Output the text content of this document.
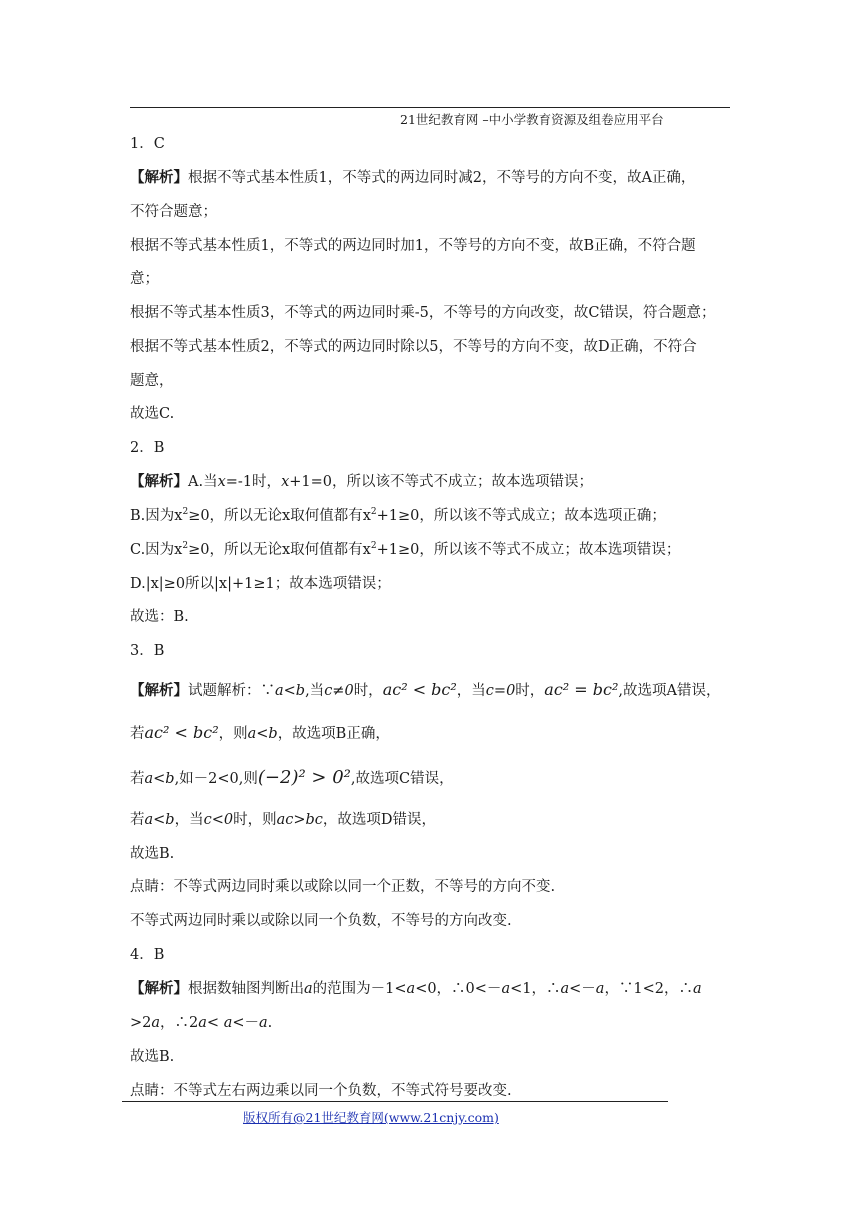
21世纪教育网 –中小学教育资源及组卷应用平台
1．C
【解析】根据不等式基本性质1，不等式的两边同时减2，不等号的方向不变，故A正确，
不符合题意；
根据不等式基本性质1，不等式的两边同时加1，不等号的方向不变，故B正确，不符合题
意；
根据不等式基本性质3，不等式的两边同时乘-5，不等号的方向改变，故C错误，符合题意；
根据不等式基本性质2，不等式的两边同时除以5，不等号的方向不变，故D正确，不符合
题意，
故选C.
2．B
【解析】A.当x=-1时，x+1=0，所以该不等式不成立；故本选项错误；
B.因为$x^2\ge 0$，所以无论x取何值都有$x^2+1\ge 0$，所以该不等式成立；故本选项正确；
C.因为$x^2\ge 0$，所以无论x取何值都有$x^2+1\ge 0$，所以该不等式不成立；故本选项错误；
D.|x|≥0所以|x|+1≥1；故本选项错误；
故选：B.
3．B
【解析】试题解析：∵a<b,当c≠0时，ac² < bc²，当c=0时，ac² = bc²,故选项A错误，
若ac² < bc²，则a<b，故选项B正确，
若a<b,如－2<0,则(−2)² > 0²,故选项C错误，
若a<b，当c<0时，则ac>bc，故选项D错误，
故选B.
点睛：不等式两边同时乘以或除以同一个正数，不等号的方向不变.
不等式两边同时乘以或除以同一个负数，不等号的方向改变.
4．B
【解析】根据数轴图判断出a的范围为－1<a<0，∴0<－a<1，∴a<－a，∵1<2，∴a
>2a，∴2a< a<－a.
故选B.
点睛：不等式左右两边乘以同一个负数，不等式符号要改变.
版权所有@21世纪教育网(www.21cnjy.com)
